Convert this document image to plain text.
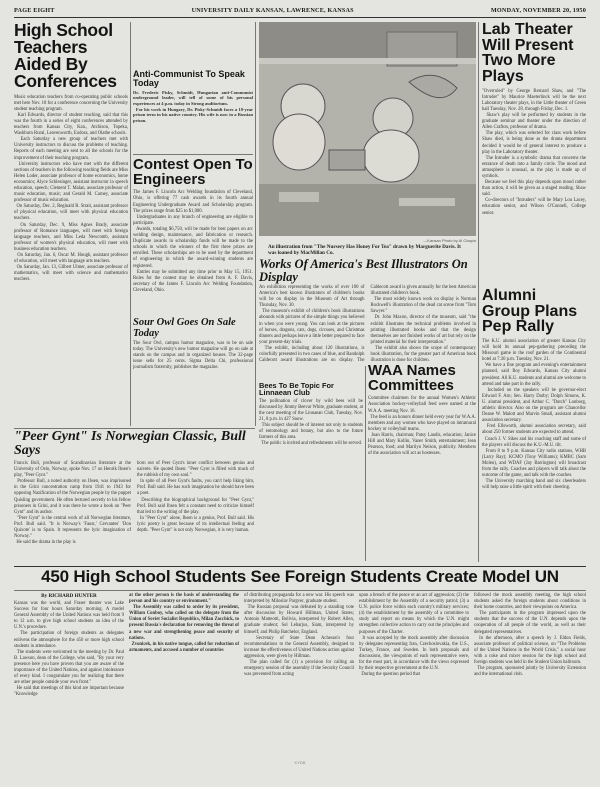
PAGE EIGHT	UNIVERSITY DAILY KANSAN, LAWRENCE, KANSAS	MONDAY, NOVEMBER 20, 1950
High School Teachers Aided By Conferences
Music education teachers from co-operating public schools met here Nov. 18 for a conference concerning the University student teaching program.
Karl Edwards, director of student teaching, said that this was the fourth in a series of eight conferences attended by teachers from Kansas City, Kan., Atchison, Topeka, Washburn Rural, Leavenworth, Eudora, and Olathe schools.
Each Saturday a new group of teachers met with University instructors to discuss the problems of teaching. Reports of each meeting are sent to all the schools for the improvement of their teaching program.
University instructors who have met with the different sections of teachers in the following teaching fields are Miss Helen Loder, associate professor of home economics, home economics; Alyce Schlesinger, assistant instructor in speech education, speech; Clement T. Malan, associate professor of music education, music; and Gerald M. Carney, associate professor of music education.
On Saturday, Dec. 2, Reginald R. Strait, assistant professor of physical education, will meet with physical education teachers.
On Saturday, Dec. 9, Miss Agnes Brady, associate professor of Romance languages, will meet with foreign language teachers, and Miss Leda Newcomb, assistant professor of women's physical education, will meet with business education teachers.
On Saturday, Jan. 6, Oscar M. Hough, assistant professor of education, will meet with language arts teachers.
On Saturday, Jan. 13, Gilbert Ulmer, associate professor of mathematics, will meet with science and mathematics teachers.
Anti-Communist To Speak Today
Dr. Frederic Pisky, Schmidt, Hungarian anti-Communist underground leader, will tell of some of his personal experiences at 4 p.m. today in Strong auditorium.
For his work in Hungary, Dr. Pisky-Schmidt faces a 10-year prison term in his native country. His wife is now in a Russian prison.
Contest Open To Engineers
The James F. Lincoln Arc Welding foundation of Cleveland, Ohio, is offering 77 cash awards in its fourth annual Engineering Undergraduate Award and Scholarship program. The prizes range from $25 to $1,000.
Undergraduates in any branch of engineering are eligible to participate.
Awards, totaling $6,750, will be made for best papers on arc welding design, maintenance, and fabrication or research. Duplicate awards in scholarship funds will be made to the schools in which the winners of the first three prizes are enrolled. These scholarships are to be used by the department of engineering in which the award-winning students are registered.
Entries may be submitted any time prior to May 15, 1951. Rules for the contest may be obtained from A. F. Davis, secretary of the James F. Lincoln Arc Welding Foundation, Cleveland, Ohio.
Sour Owl Goes On Sale Today
The Sour Owl, campus humor magazine, was to be on sale today. The University's new humor magazine will go on sale at stands on the campus and in organized houses. The 32-page issue sells for 25 cents. Sigma Delta Chi, professional journalism fraternity, publishes the magazine.
—Kansan Photo by Al Chapin
An illustration from "The Nursery Has Honey For Tea" drawn by Marguerite Davis. It was loaned by MacMillan Co.
Works Of America's Best Illustrators On Display
An exhibition representing the works of over 100 of America's best known illustrators of children's books will be on display in the Museum of Art through Thursday, Nov. 30.
The museum's exhibit of children's book illustrations abounds with pictures of the simple things you believed in when you were young. You can look at the pictures of horses, dragons, cats, dogs, circuses, and Christmas dinners and perhaps leave a little better prepared to face your present-day trials.
The exhibit, including about 120 illustrations, is colorfully presented in two cases of blue, and Randolph Caldecott award illustrations are on display. The Caldecott award is given annually for the best American illustrated children's book.
The most widely known work on display is Norman Rockwell's illustration of the dead cat scene from "Tom Sawyer."
Dr. John Maxon, director of the museum, said "the exhibit illustrates the technical problems involved in printing illustrated books and that the design themselves are not finished works of art but rely on the printed material for their interpretation."
The exhibit also shows the scope of contemporary book illustration, for the greater part of American book illustration is done for children.
Bees To Be Topic For Linnaean Club
The pollination of clover by wild bees will be discussed by Jimmy Beevar White, graduate student, at the next meeting of the Linnaean Club, Tuesday, Nov. 21, 8 p.m. in 427 Snow.
This subject should be of interest not only to students of entomology and botany, but also to the future farmers of this area.
The public is invited and refreshments will be served.
WAA Names Committees
Committee chairmen for the annual Women's Athletic Association hockey-volleyball feed were named at the W.A.A. meeting Nov. 16.
The feed is an honors dinner held every year for W.A.A. members and any women who have played on intramural hockey or volleyball teams.
Joan Harris, chairman; Patsy Landis, education; Janice Hill and Mary Kollin, Vaner Smith, entertainment; Jean Pearson, food; and Marilyn Nelson, publicity. Members of the association will act as hostesses.
Lab Theater Will Present Two More Plays
"Overruled" by George Bernard Shaw, and "The Intruder" by Maurice Maeterlinck will be the next Laboratory theater plays, in the Little theater of Green hall Tuesday, Nov. 28, through Friday, Dec. 1.
Shaw's play will be performed by students in the graduate seminar and theater under the direction of Allen Crafton, professor of drama.
The play, which was selected for class work before Shaw died, is being done as the drama department decided it would be of general interest to produce a play in the Laboratory theater.
The Intruder is a symbolic drama that concerns the entrance of death into a family circle. The mood and atmosphere is unusual, as the play is made up of symbols.
Because we feel this play depends upon mood rather than action, it will be given as a staged reading, Shaw said.
Co-directors of "Intruders" will be Mary Lou Lacey, education senior, and Wilson O'Connell, College senior.
Alumni Group Plans Pep Rally
The K.U. alumni association of greater Kansas City will hold its annual pep-gathering preceding the Missouri game in the roof garden of the Continental hotel at 7:30 p.m. Tuesday, Nov. 21.
We have a fine program and evening's entertainment planned, said Roy Edwards, Kansas City alumni president. All K.U. students and alumni are welcome to attend and take part in the rally.
Included on the speakers will be governor-elect Edward F. Arn; Sen. Harry Darby; Dolph Simons, K. U. alumni president, and Arthur C. "Dutch" Lonborg, athletic director. Also on the program are Chancellor Deane W. Malott and Marvin Small, assistant alumni association secretary.
Fred Ellsworth, alumni association secretary, said about 250 former students are expected to attend.
Coach J. V. Sikes and his coaching staff and some of the players will discuss the K.U.-M.U. tilt.
From 8 to 9 p.m. Kansas City radio stations, WHB (Larry Ray); KCMO (Tony Williams); KMBC (Sam Molen), and WDAF (Jay Barrington) will broadcast from the rally. Coaches and players will talk about the outcome of the game, and talk with the coaches.
The University marching band and six cheerleaders will help raise a little spirit with their cheering.
"Peer Gynt" Is Norwegian Classic, Bull Says
Francis Bull, professor of Scandinavian literature at the University of Oslo, Norway, spoke Nov. 17 on Henrik Ibsen's play, "Peer Gynt."
Professor Bull, a noted authority on Ibsen, was imprisoned in the Grini concentration camp from 1941 to 1943 for opposing Nazification of the Norwegian people by the puppet Quisling government. He often lectured secretly to his fellow prisoners in Grini, and it was there he wrote a book on "Peer Gynt" and its author.
"Peer Gynt" is the central work of all Norwegian literature, Prof. Bull said. "It is Norway's 'Faust,' Cervantes' 'Don Quixote' is to Spain. It represents the lyric imagination of Norway."
He said the drama in the play is
born out of Peer Gynt's inner conflict between genius and naivete. He quoted Ibsen: "Peer Gynt is filled with much of the rubbish of my own soul."
In spite of all Peer Gynt's faults, you can't help liking him, Prof. Bull said. He has such imagination he should have been a poet.
Describing the biographical background for "Peer Gynt," Prof. Bull said Ibsen felt a constant need to criticize himself that led to the writing of the play.
In "Peer Gynt" alone, Ibsen is a genius, Prof. Bull said. His lyric poetry is great because of its intellectual feeling and depth. "Peer Gynt" is not only Norwegian, it is very human.
450 High School Students See Foreign Students Create Model UN
By RICHARD HUNTER
Kansas was the world, and Fraser theater was Lake Success for four hours Saturday morning. A model General Assembly of the United Nations was held from 9 to 12 a.m. to give high school students an idea of the U.N.'s procedure.
The participation of foreign students as delegates enlivens the atmosphere for the 450 or more high school students in attendance.
The students were welcomed to the meeting by Dr. Paul B. Lawson, dean of the College, who said, "By your very presence here you have proven that you are aware of the importance of the United Nations, and against intolerance of every kind. I congratulate you for realizing that there are other people outside your own front."
He said that meetings of this kind are important because "Knowledge
at the other person is the basis of understanding the person and his country or environment."
The Assembly was called to order by its president, William Conboy, who called on the delegate from the Union of Soviet Socialist Republics, Milan Zocchick, to present Russia's declaration for removing the threat of a new war and strengthening peace and security of nations.
Zvonicek, in his native tongue, called for reduction of armaments, and accused a number of countries
of distributing propaganda for a new war. His speech was interpreted by Miloslav Pargver, graduate student.
The Russian proposal was defeated by a standing vote after discussion by Howard Hillman, United States; Antonio Matteotti, Bolivia, interpreted by Robert Allen, graduate student; Sol Lebarjus, Siam, interpreted by himself; and Philip Batchelor, England.
Secretary of State Dean Acheson's four recommendations to the General Assembly, designed to increase the effectiveness of United Nations action against aggression, were given by Hillman.
The plan called for (1) a provision for calling an emergency session of the assembly if the Security Council was prevented from acting
upon a breach of the peace or an act of aggression; (2) the establishment by the Assembly of a security patrol; (3) a U.N. police force within each country's military services; (4) the establishment by the assembly of a committee to study and report on means by which the U.N. might strengthen collective action to carry out the principles and purposes of the Charter.
It was accepted by the mock assembly after discussion by delegates representing Iran, Czechoslovakia, the U.S., Turkey, France, and Sweden. In both proposals and discussions, the viewpoints of each representative were, for the most part, in accordance with the views expressed by their respective government at the U.N.
During the question period that
followed the mock assembly meeting, the high school students asked the foreign students about conditions in their home countries, and their viewpoints on America.
The participants in the program impressed upon the students that the success of the U.N. depends upon the cooperation of all people of the world, as well as their delegated representatives.
In the afternoon, after a speech by J. Eldon Fields, associate professor of political science, on "The Problems of the United Nations in the World Crisis," a social hour with a coke and mixer session for the high school and foreign students was held in the Student Union ballroom.
The program, sponsored jointly by University Extension and the international club.
KYDB
